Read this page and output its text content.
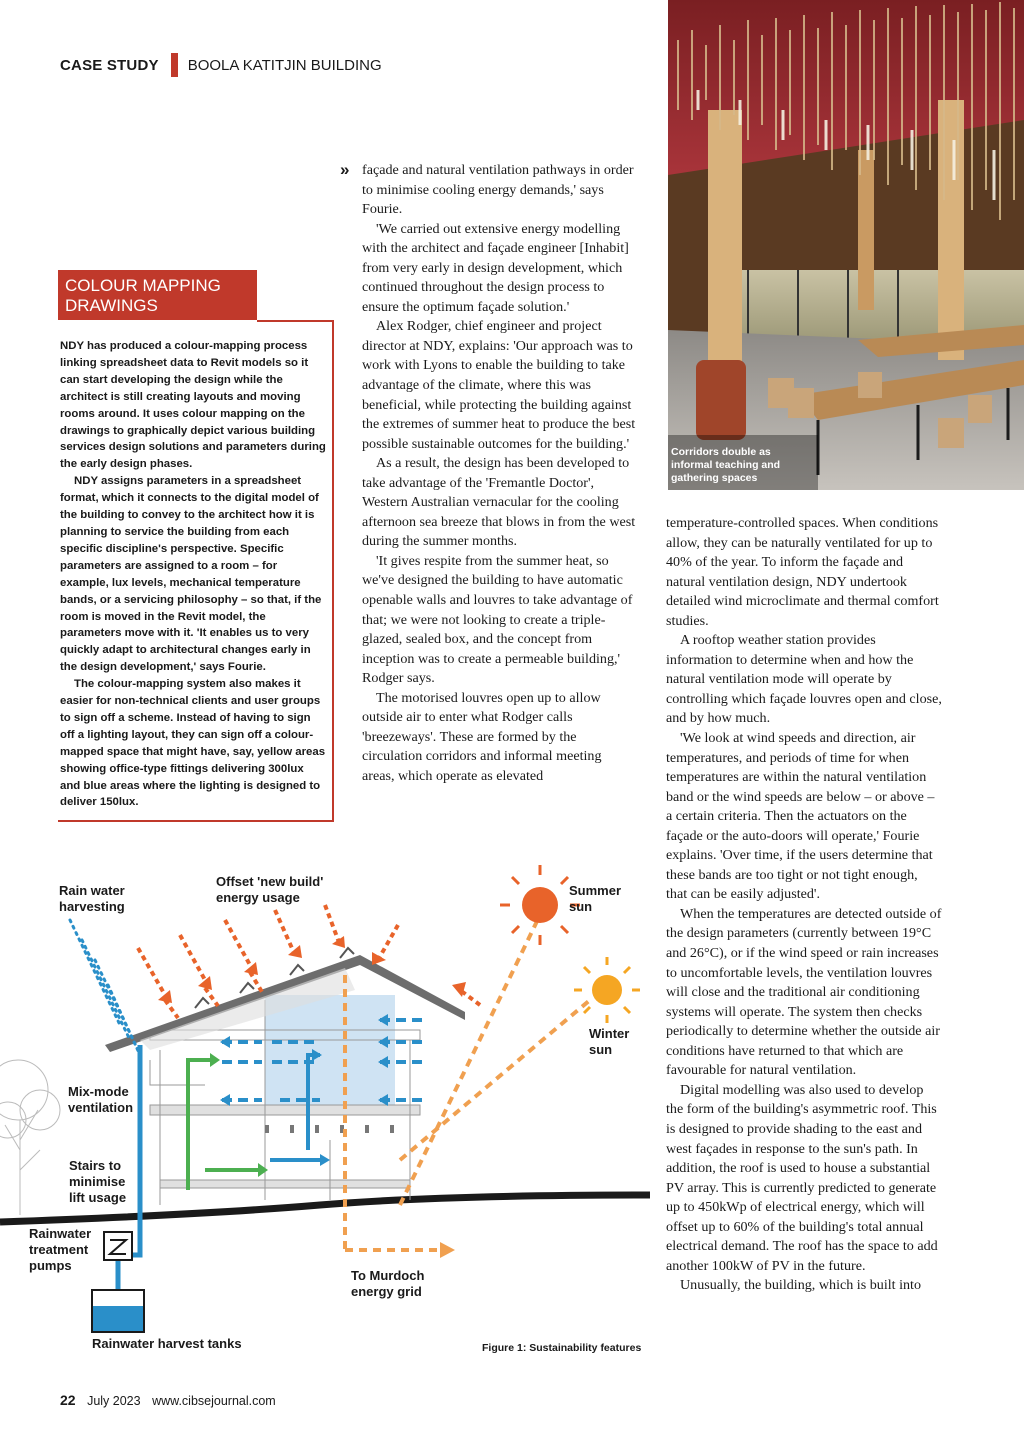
CASE STUDY BOOLA KATITJIN BUILDING
Corridors double as informal teaching and gathering spaces
COLOUR MAPPING
DRAWINGS

NDY has produced a colour-mapping process linking spreadsheet data to Revit models so it can start developing the design while the architect is still creating layouts and moving rooms around. It uses colour mapping on the drawings to graphically depict various building services design solutions and parameters during the early design phases.

NDY assigns parameters in a spreadsheet format, which it connects to the digital model of the building to convey to the architect how it is planning to service the building from each specific discipline's perspective. Specific parameters are assigned to a room – for example, lux levels, mechanical temperature bands, or a servicing philosophy – so that, if the room is moved in the Revit model, the parameters move with it. 'It enables us to very quickly adapt to architectural changes early in the design development,' says Fourie.

The colour-mapping system also makes it easier for non-technical clients and user groups to sign off a scheme. Instead of having to sign off a lighting layout, they can sign off a colour-mapped space that might have, say, yellow areas showing office-type fittings delivering 300lux and blue areas where the lighting is designed to deliver 150lux.

» façade and natural ventilation pathways in order to minimise cooling energy demands,' says Fourie.

'We carried out extensive energy modelling with the architect and façade engineer [Inhabit] from very early in design development, which continued throughout the design process to ensure the optimum façade solution.'

Alex Rodger, chief engineer and project director at NDY, explains: 'Our approach was to work with Lyons to enable the building to take advantage of the climate, where this was beneficial, while protecting the building against the extremes of summer heat to produce the best possible sustainable outcomes for the building.'

As a result, the design has been developed to take advantage of the 'Fremantle Doctor', Western Australian vernacular for the cooling afternoon sea breeze that blows in from the west during the summer months.

'It gives respite from the summer heat, so we've designed the building to have automatic openable walls and louvres to take advantage of that; we were not looking to create a triple-glazed, sealed box, and the concept from inception was to create a permeable building,' Rodger says.

The motorised louvres open up to allow outside air to enter what Rodger calls 'breezeways'. These are formed by the circulation corridors and informal meeting areas, which operate as elevated

temperature-controlled spaces. When conditions allow, they can be naturally ventilated for up to 40% of the year. To inform the façade and natural ventilation design, NDY undertook detailed wind microclimate and thermal comfort studies.

A rooftop weather station provides information to determine when and how the natural ventilation mode will operate by controlling which façade louvres open and close, and by how much.

'We look at wind speeds and direction, air temperatures, and periods of time for when temperatures are within the natural ventilation band or the wind speeds are below – or above – a certain criteria. Then the actuators on the façade or the auto-doors will operate,' Fourie explains. 'Over time, if the users determine that these bands are too tight or not tight enough, that can be easily adjusted'.

When the temperatures are detected outside of the design parameters (currently between 19°C and 26°C), or if the wind speed or rain increases to uncomfortable levels, the ventilation louvres will close and the traditional air conditioning systems will operate. The system then checks periodically to determine whether the outside air conditions have returned to that which are favourable for natural ventilation.

Digital modelling was also used to develop the form of the building's asymmetric roof. This is designed to provide shading to the east and west façades in response to the sun's path. In addition, the roof is used to house a substantial PV array. This is currently predicted to generate up to 450kWp of electrical energy, which will offset up to 60% of the building's total annual electrical demand. The roof has the space to add another 100kW of PV in the future.

Unusually, the building, which is built into

Rain water
harvesting
Offset 'new build'
energy usage	Summer
sun
Winter
sun
Mix-mode
ventilation
Stairs to
minimise
lift usage
Rainwater
treatment
pumps
To Murdoch
energy grid
Rainwater harvest tanks	Figure 1: Sustainability features
22 July 2023 www.cibsejournal.com
